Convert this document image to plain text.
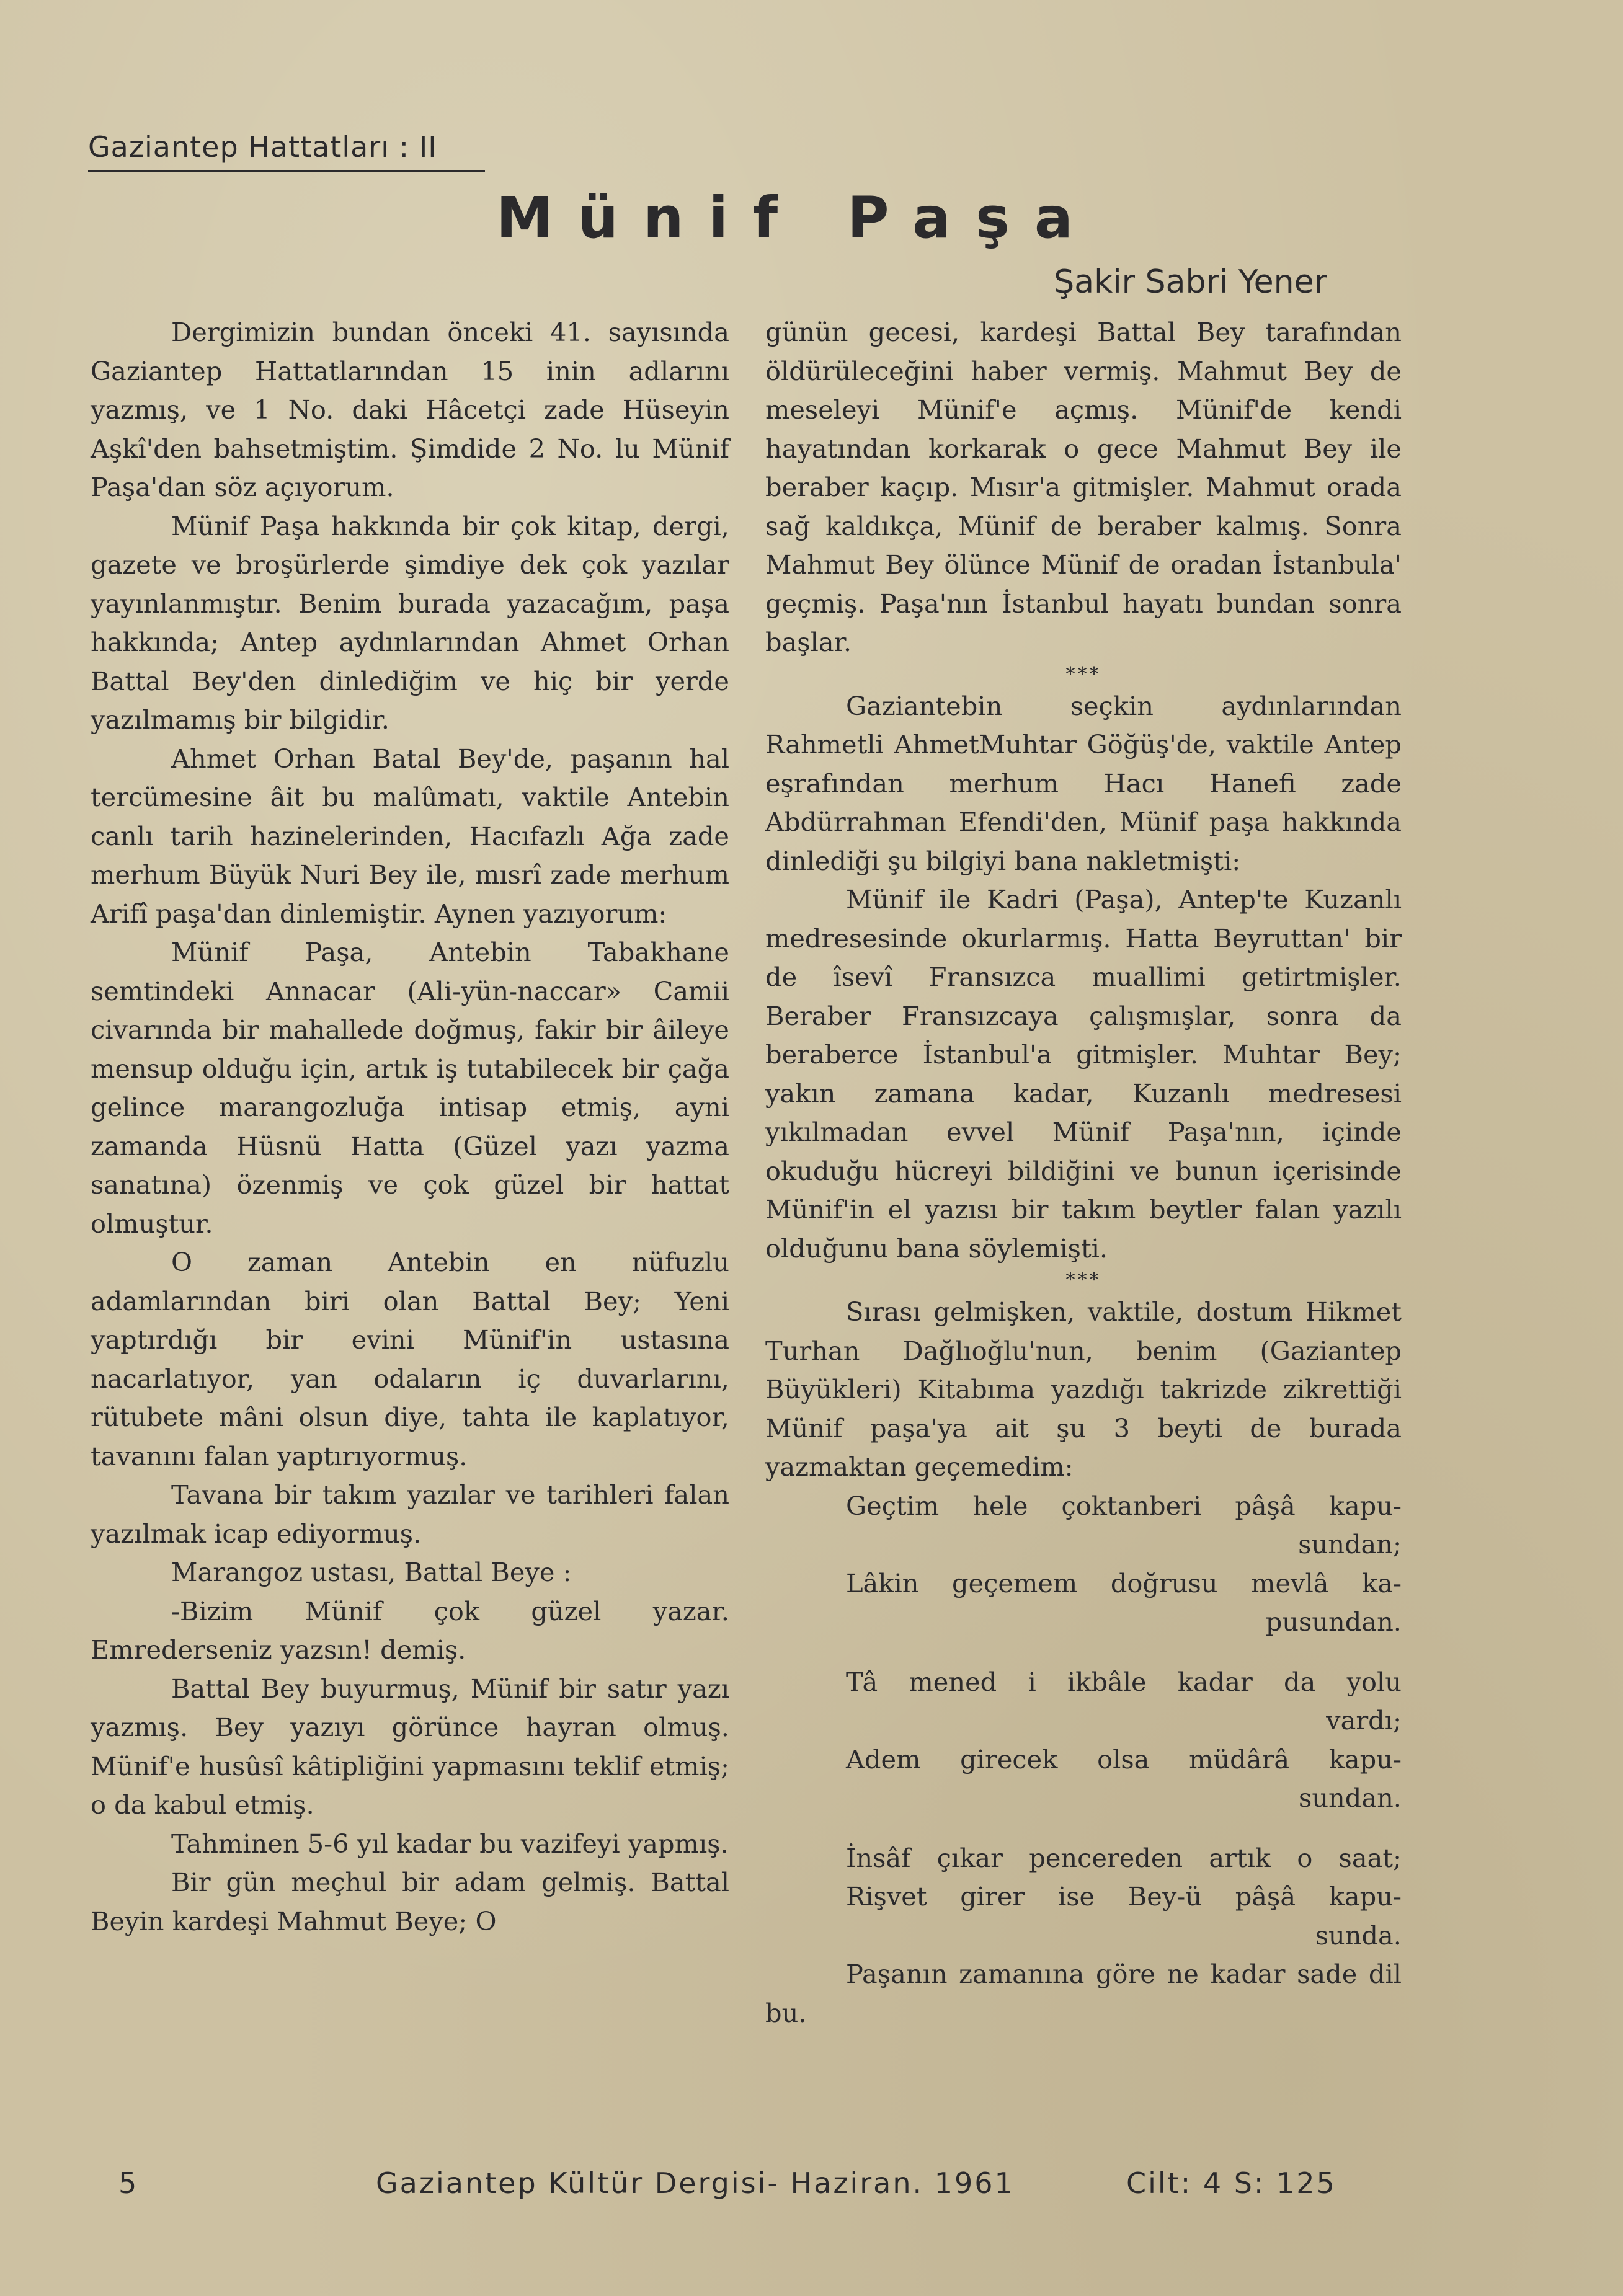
Gaziantep Hattatları : II
Münif Paşa
Şakir Sabri Yener

Dergimizin bundan önceki 41. sayısında Gaziantep Hattatlarından 15 inin adlarını yazmış, ve 1 No. daki Hâcetçi zade Hüseyin Aşkî'den bahsetmiştim. Şimdide 2 No. lu Münif Paşa'dan söz açıyorum.

Münif Paşa hakkında bir çok kitap, dergi, gazete ve broşürlerde şimdiye dek çok yazılar yayınlanmıştır. Benim burada yazacağım, paşa hakkında; Antep aydınlarından Ahmet Orhan Battal Bey'den dinlediğim ve hiç bir yerde yazılmamış bir bilgidir.

Ahmet Orhan Batal Bey'de, paşanın hal tercümesine âit bu malûmatı, vaktile Antebin canlı tarih hazinelerinden, Hacıfazlı Ağa zade merhum Büyük Nuri Bey ile, mısrî zade merhum Arifî paşa'dan dinlemiştir. Aynen yazıyorum:

Münif Paşa, Antebin Tabakhane semtindeki Annacar (Ali-yün-naccar» Camii civarında bir mahallede doğmuş, fakir bir âileye mensup olduğu için, artık iş tutabilecek bir çağa gelince marangozluğa intisap etmiş, ayni zamanda Hüsnü Hatta (Güzel yazı yazma sanatına) özenmiş ve çok güzel bir hattat olmuştur.

O zaman Antebin en nüfuzlu adamlarından biri olan Battal Bey; Yeni yaptırdığı bir evini Münif'in ustasına nacarlatıyor, yan odaların iç duvarlarını, rütubete mâni olsun diye, tahta ile kaplatıyor, tavanını falan yaptırıyormuş.

Tavana bir takım yazılar ve tarihleri falan yazılmak icap ediyormuş.

Marangoz ustası, Battal Beye :

-Bizim Münif çok güzel yazar. Emrederseniz yazsın! demiş.

Battal Bey buyurmuş, Münif bir satır yazı yazmış. Bey yazıyı görünce hayran olmuş. Münif'e husûsî kâtipliğini yapmasını teklif etmiş; o da kabul etmiş.

Tahminen 5-6 yıl kadar bu vazifeyi yapmış.

Bir gün meçhul bir adam gelmiş. Battal Beyin kardeşi Mahmut Beye; O

günün gecesi, kardeşi Battal Bey tarafından öldürüleceğini haber vermiş. Mahmut Bey de meseleyi Münif'e açmış. Münif'de kendi hayatından korkarak o gece Mahmut Bey ile beraber kaçıp. Mısır'a gitmişler. Mahmut orada sağ kaldıkça, Münif de beraber kalmış. Sonra Mahmut Bey ölünce Münif de oradan İstanbula' geçmiş. Paşa'nın İstanbul hayatı bundan sonra başlar.

***

Gaziantebin seçkin aydınlarından Rahmetli AhmetMuhtar Göğüş'de, vaktile Antep eşrafından merhum Hacı Hanefi zade Abdürrahman Efendi'den, Münif paşa hakkında dinlediği şu bilgiyi bana nakletmişti:

Münif ile Kadri (Paşa), Antep'te Kuzanlı medresesinde okurlarmış. Hatta Beyruttan' bir de îsevî Fransızca muallimi getirtmişler. Beraber Fransızcaya çalışmışlar, sonra da beraberce İstanbul'a gitmişler. Muhtar Bey; yakın zamana kadar, Kuzanlı medresesi yıkılmadan evvel Münif Paşa'nın, içinde okuduğu hücreyi bildiğini ve bunun içerisinde Münif'in el yazısı bir takım beytler falan yazılı olduğunu bana söylemişti.

***

Sırası gelmişken, vaktile, dostum Hikmet Turhan Dağlıoğlu'nun, benim (Gaziantep Büyükleri) Kitabıma yazdığı takrizde zikrettiği Münif paşa'ya ait şu 3 beyti de burada yazmaktan geçemedim:

Geçtim hele çoktanberi pâşâ kapu-
sundan;
Lâkin geçemem doğrusu mevlâ ka-
pusundan.
Tâ mened i ikbâle kadar da yolu
vardı;
Adem girecek olsa müdârâ kapu-
sundan.
İnsâf çıkar pencereden artık o saat;
Rişvet girer ise Bey-ü pâşâ kapu-
sunda.

Paşanın zamanına göre ne kadar sade dil bu.

5	Gaziantep Kültür Dergisi- Haziran. 1961	Cilt: 4 S: 125
